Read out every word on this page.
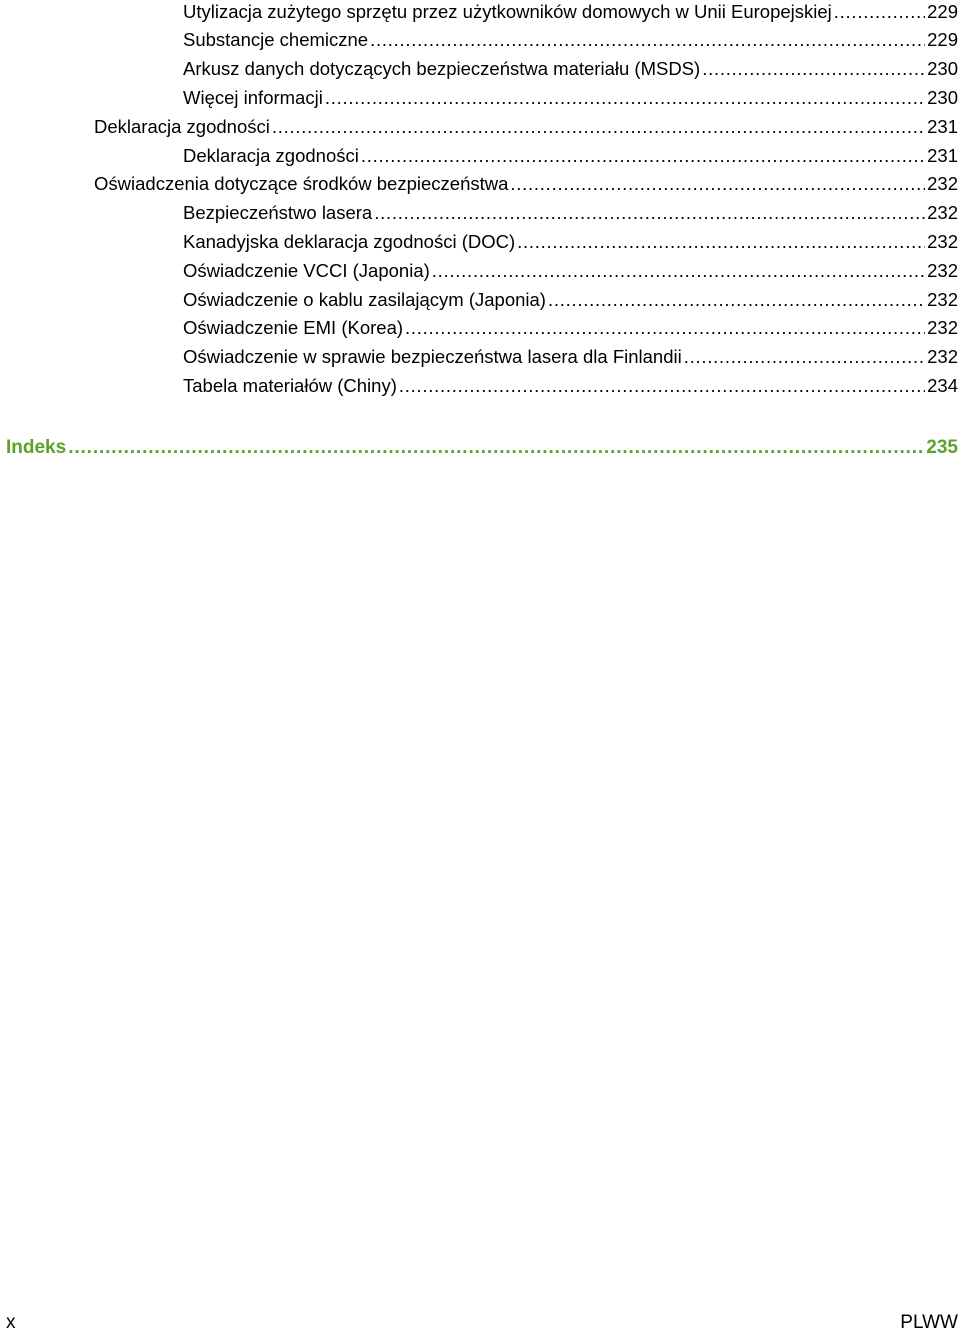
Utylizacja zużytego sprzętu przez użytkowników domowych w Unii Europejskiej . . .	229
Substancje chemiczne . . .	229
Arkusz danych dotyczących bezpieczeństwa materiału (MSDS) . . .	230
Więcej informacji . . .	230
Deklaracja zgodności . . .	231
Deklaracja zgodności . . .	231
Oświadczenia dotyczące środków bezpieczeństwa . . .	232
Bezpieczeństwo lasera . . .	232
Kanadyjska deklaracja zgodności (DOC) . . .	232
Oświadczenie VCCI (Japonia) . . .	232
Oświadczenie o kablu zasilającym (Japonia) . . .	232
Oświadczenie EMI (Korea) . . .	232
Oświadczenie w sprawie bezpieczeństwa lasera dla Finlandii . . .	232
Tabela materiałów (Chiny) . . .	234
Indeks . . .	235
x	PLWW
